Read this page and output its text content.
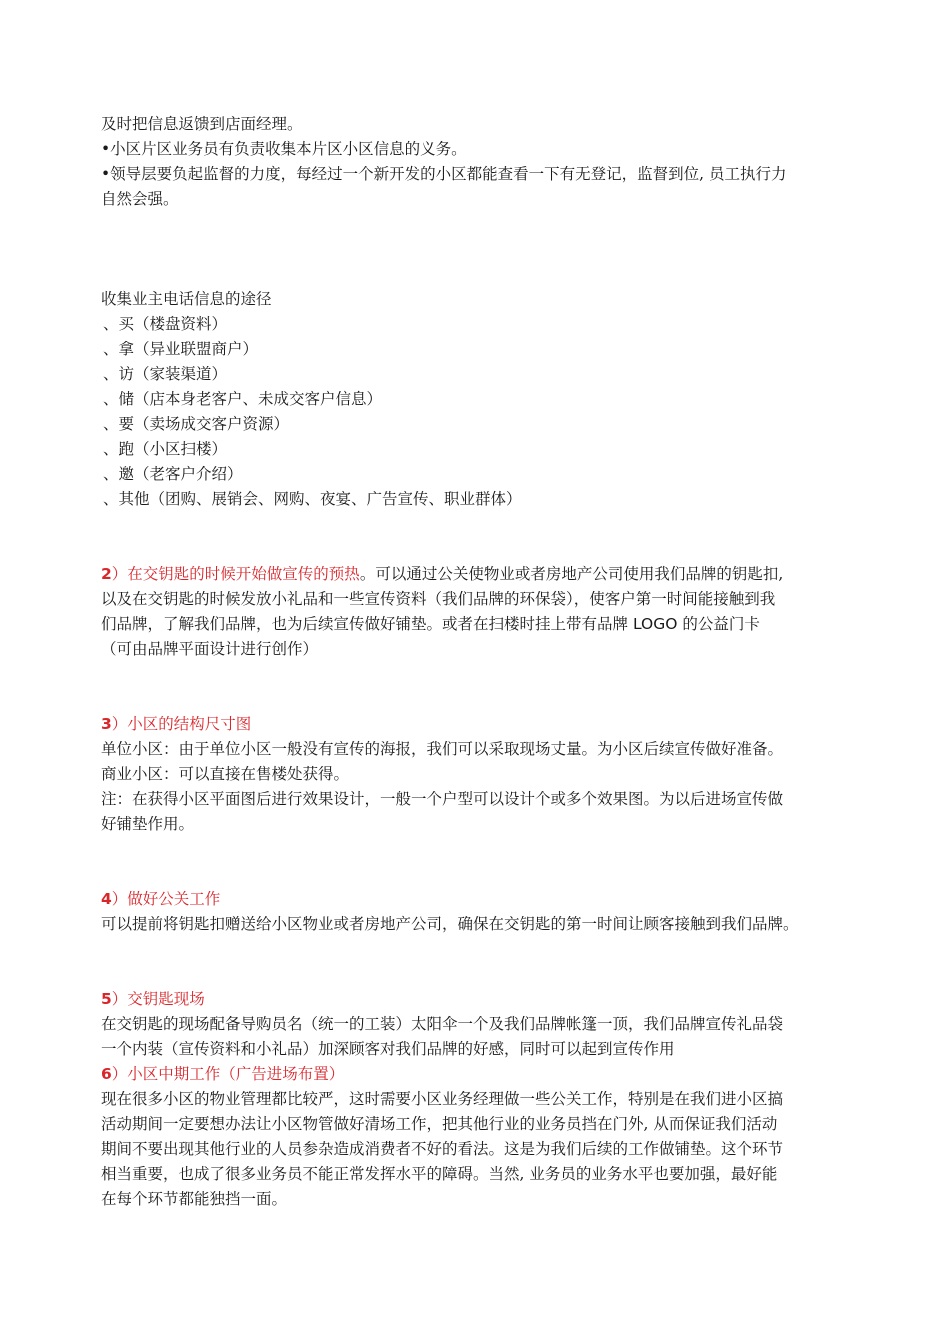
及时把信息返馈到店面经理。
•小区片区业务员有负责收集本片区小区信息的义务。
•领导层要负起监督的力度，每经过一个新开发的小区都能查看一下有无登记，监督到位, 员工执行力
自然会强。
收集业主电话信息的途径
、买（楼盘资料）
、拿（异业联盟商户）
、访（家装渠道）
、储（店本身老客户、未成交客户信息）
、要（卖场成交客户资源）
、跑（小区扫楼）
、邀（老客户介绍）
、其他（团购、展销会、网购、夜宴、广告宣传、职业群体）
2）在交钥匙的时候开始做宣传的预热。可以通过公关使物业或者房地产公司使用我们品牌的钥匙扣,
以及在交钥匙的时候发放小礼品和一些宣传资料（我们品牌的环保袋），使客户第一时间能接触到我
们品牌，了解我们品牌，也为后续宣传做好铺垫。或者在扫楼时挂上带有品牌 LOGO 的公益门卡
（可由品牌平面设计进行创作）
3）小区的结构尺寸图
单位小区：由于单位小区一般没有宣传的海报，我们可以采取现场丈量。为小区后续宣传做好准备。
商业小区：可以直接在售楼处获得。
注：在获得小区平面图后进行效果设计，一般一个户型可以设计个或多个效果图。为以后进场宣传做
好铺垫作用。
4）做好公关工作
可以提前将钥匙扣赠送给小区物业或者房地产公司，确保在交钥匙的第一时间让顾客接触到我们品牌。
5）交钥匙现场
在交钥匙的现场配备导购员名（统一的工装）太阳伞一个及我们品牌帐篷一顶，我们品牌宣传礼品袋
一个内装（宣传资料和小礼品）加深顾客对我们品牌的好感，同时可以起到宣传作用
6）小区中期工作（广告进场布置）
现在很多小区的物业管理都比较严，这时需要小区业务经理做一些公关工作，特别是在我们进小区搞
活动期间一定要想办法让小区物管做好清场工作，把其他行业的业务员挡在门外, 从而保证我们活动
期间不要出现其他行业的人员参杂造成消费者不好的看法。这是为我们后续的工作做铺垫。这个环节
相当重要，也成了很多业务员不能正常发挥水平的障碍。当然, 业务员的业务水平也要加强，最好能
在每个环节都能独挡一面。
